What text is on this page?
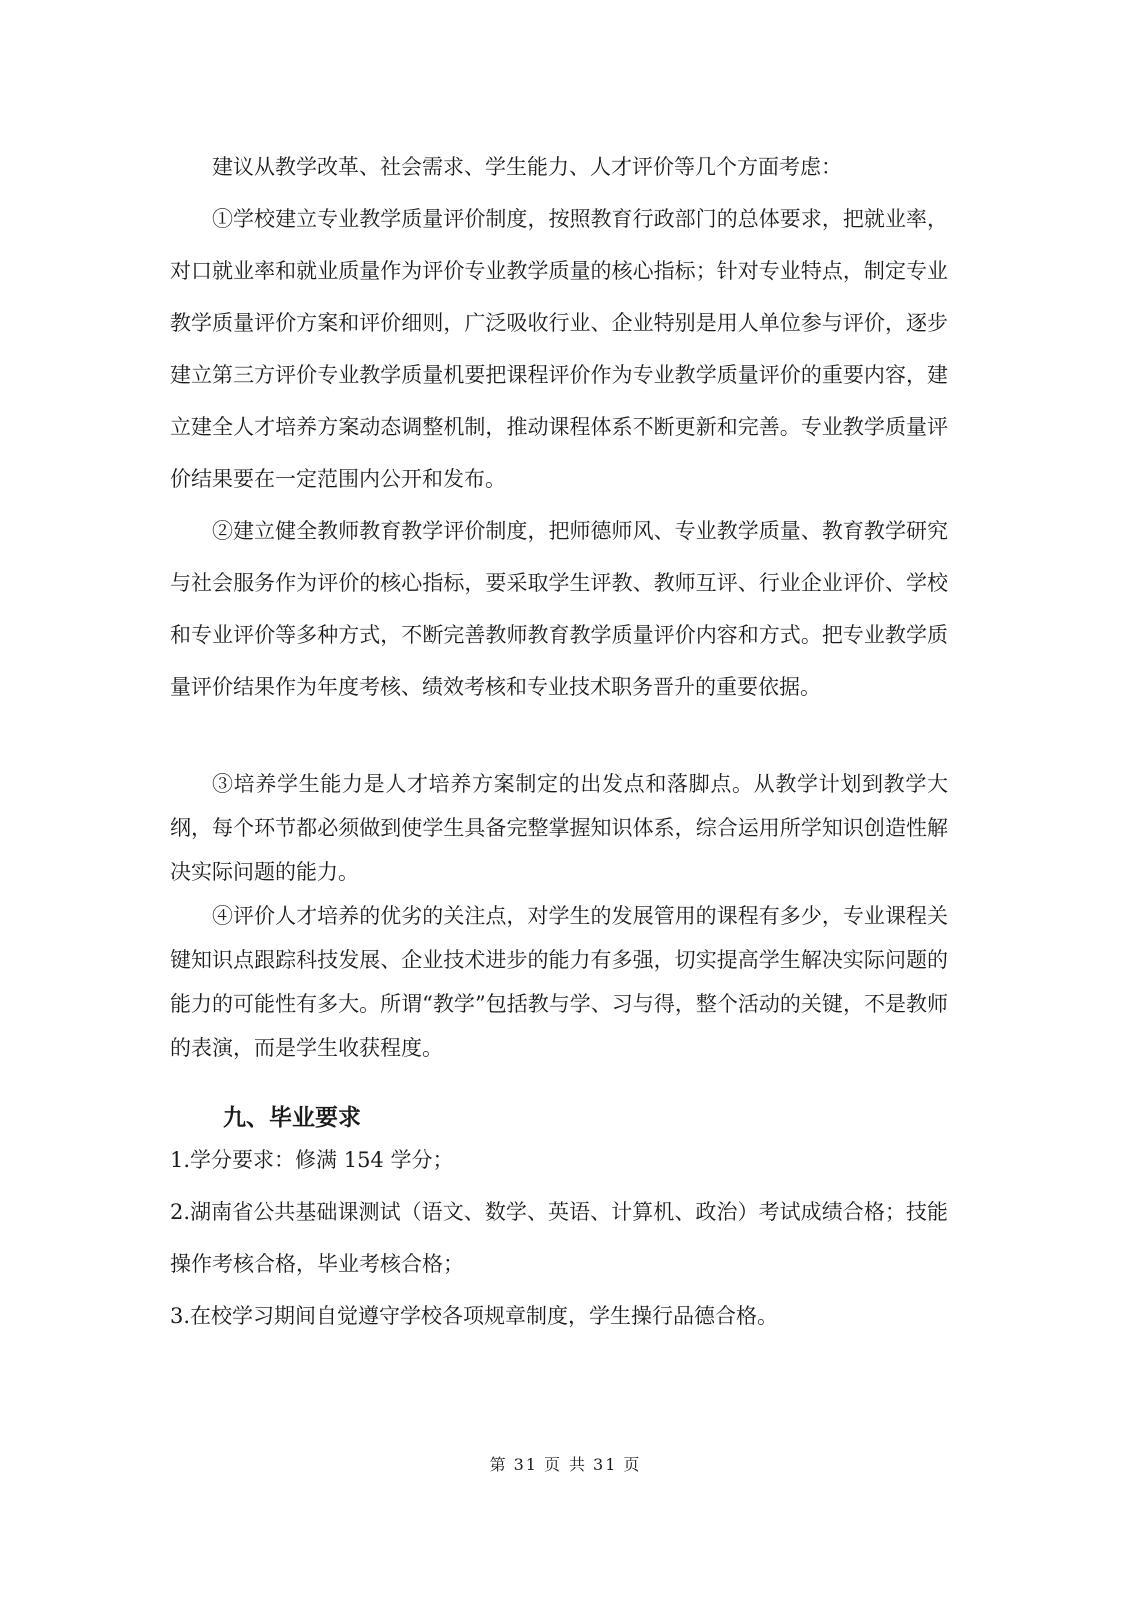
建议从教学改革、社会需求、学生能力、人才评价等几个方面考虑：

①学校建立专业教学质量评价制度，按照教育行政部门的总体要求，把就业率，对口就业率和就业质量作为评价专业教学质量的核心指标；针对专业特点，制定专业教学质量评价方案和评价细则，广泛吸收行业、企业特别是用人单位参与评价，逐步建立第三方评价专业教学质量机要把课程评价作为专业教学质量评价的重要内容，建立建全人才培养方案动态调整机制，推动课程体系不断更新和完善。专业教学质量评价结果要在一定范围内公开和发布。

②建立健全教师教育教学评价制度，把师德师风、专业教学质量、教育教学研究与社会服务作为评价的核心指标，要采取学生评教、教师互评、行业企业评价、学校和专业评价等多种方式，不断完善教师教育教学质量评价内容和方式。把专业教学质量评价结果作为年度考核、绩效考核和专业技术职务晋升的重要依据。

③培养学生能力是人才培养方案制定的出发点和落脚点。从教学计划到教学大纲，每个环节都必须做到使学生具备完整掌握知识体系，综合运用所学知识创造性解决实际问题的能力。

④评价人才培养的优劣的关注点，对学生的发展管用的课程有多少，专业课程关键知识点跟踪科技发展、企业技术进步的能力有多强，切实提高学生解决实际问题的能力的可能性有多大。所谓“教学”包括教与学、习与得，整个活动的关键，不是教师的表演，而是学生收获程度。

九、毕业要求

1.学分要求：修满 154 学分；

2.湖南省公共基础课测试（语文、数学、英语、计算机、政治）考试成绩合格；技能操作考核合格，毕业考核合格；

3.在校学习期间自觉遵守学校各项规章制度，学生操行品德合格。

第 31 页 共 31 页
